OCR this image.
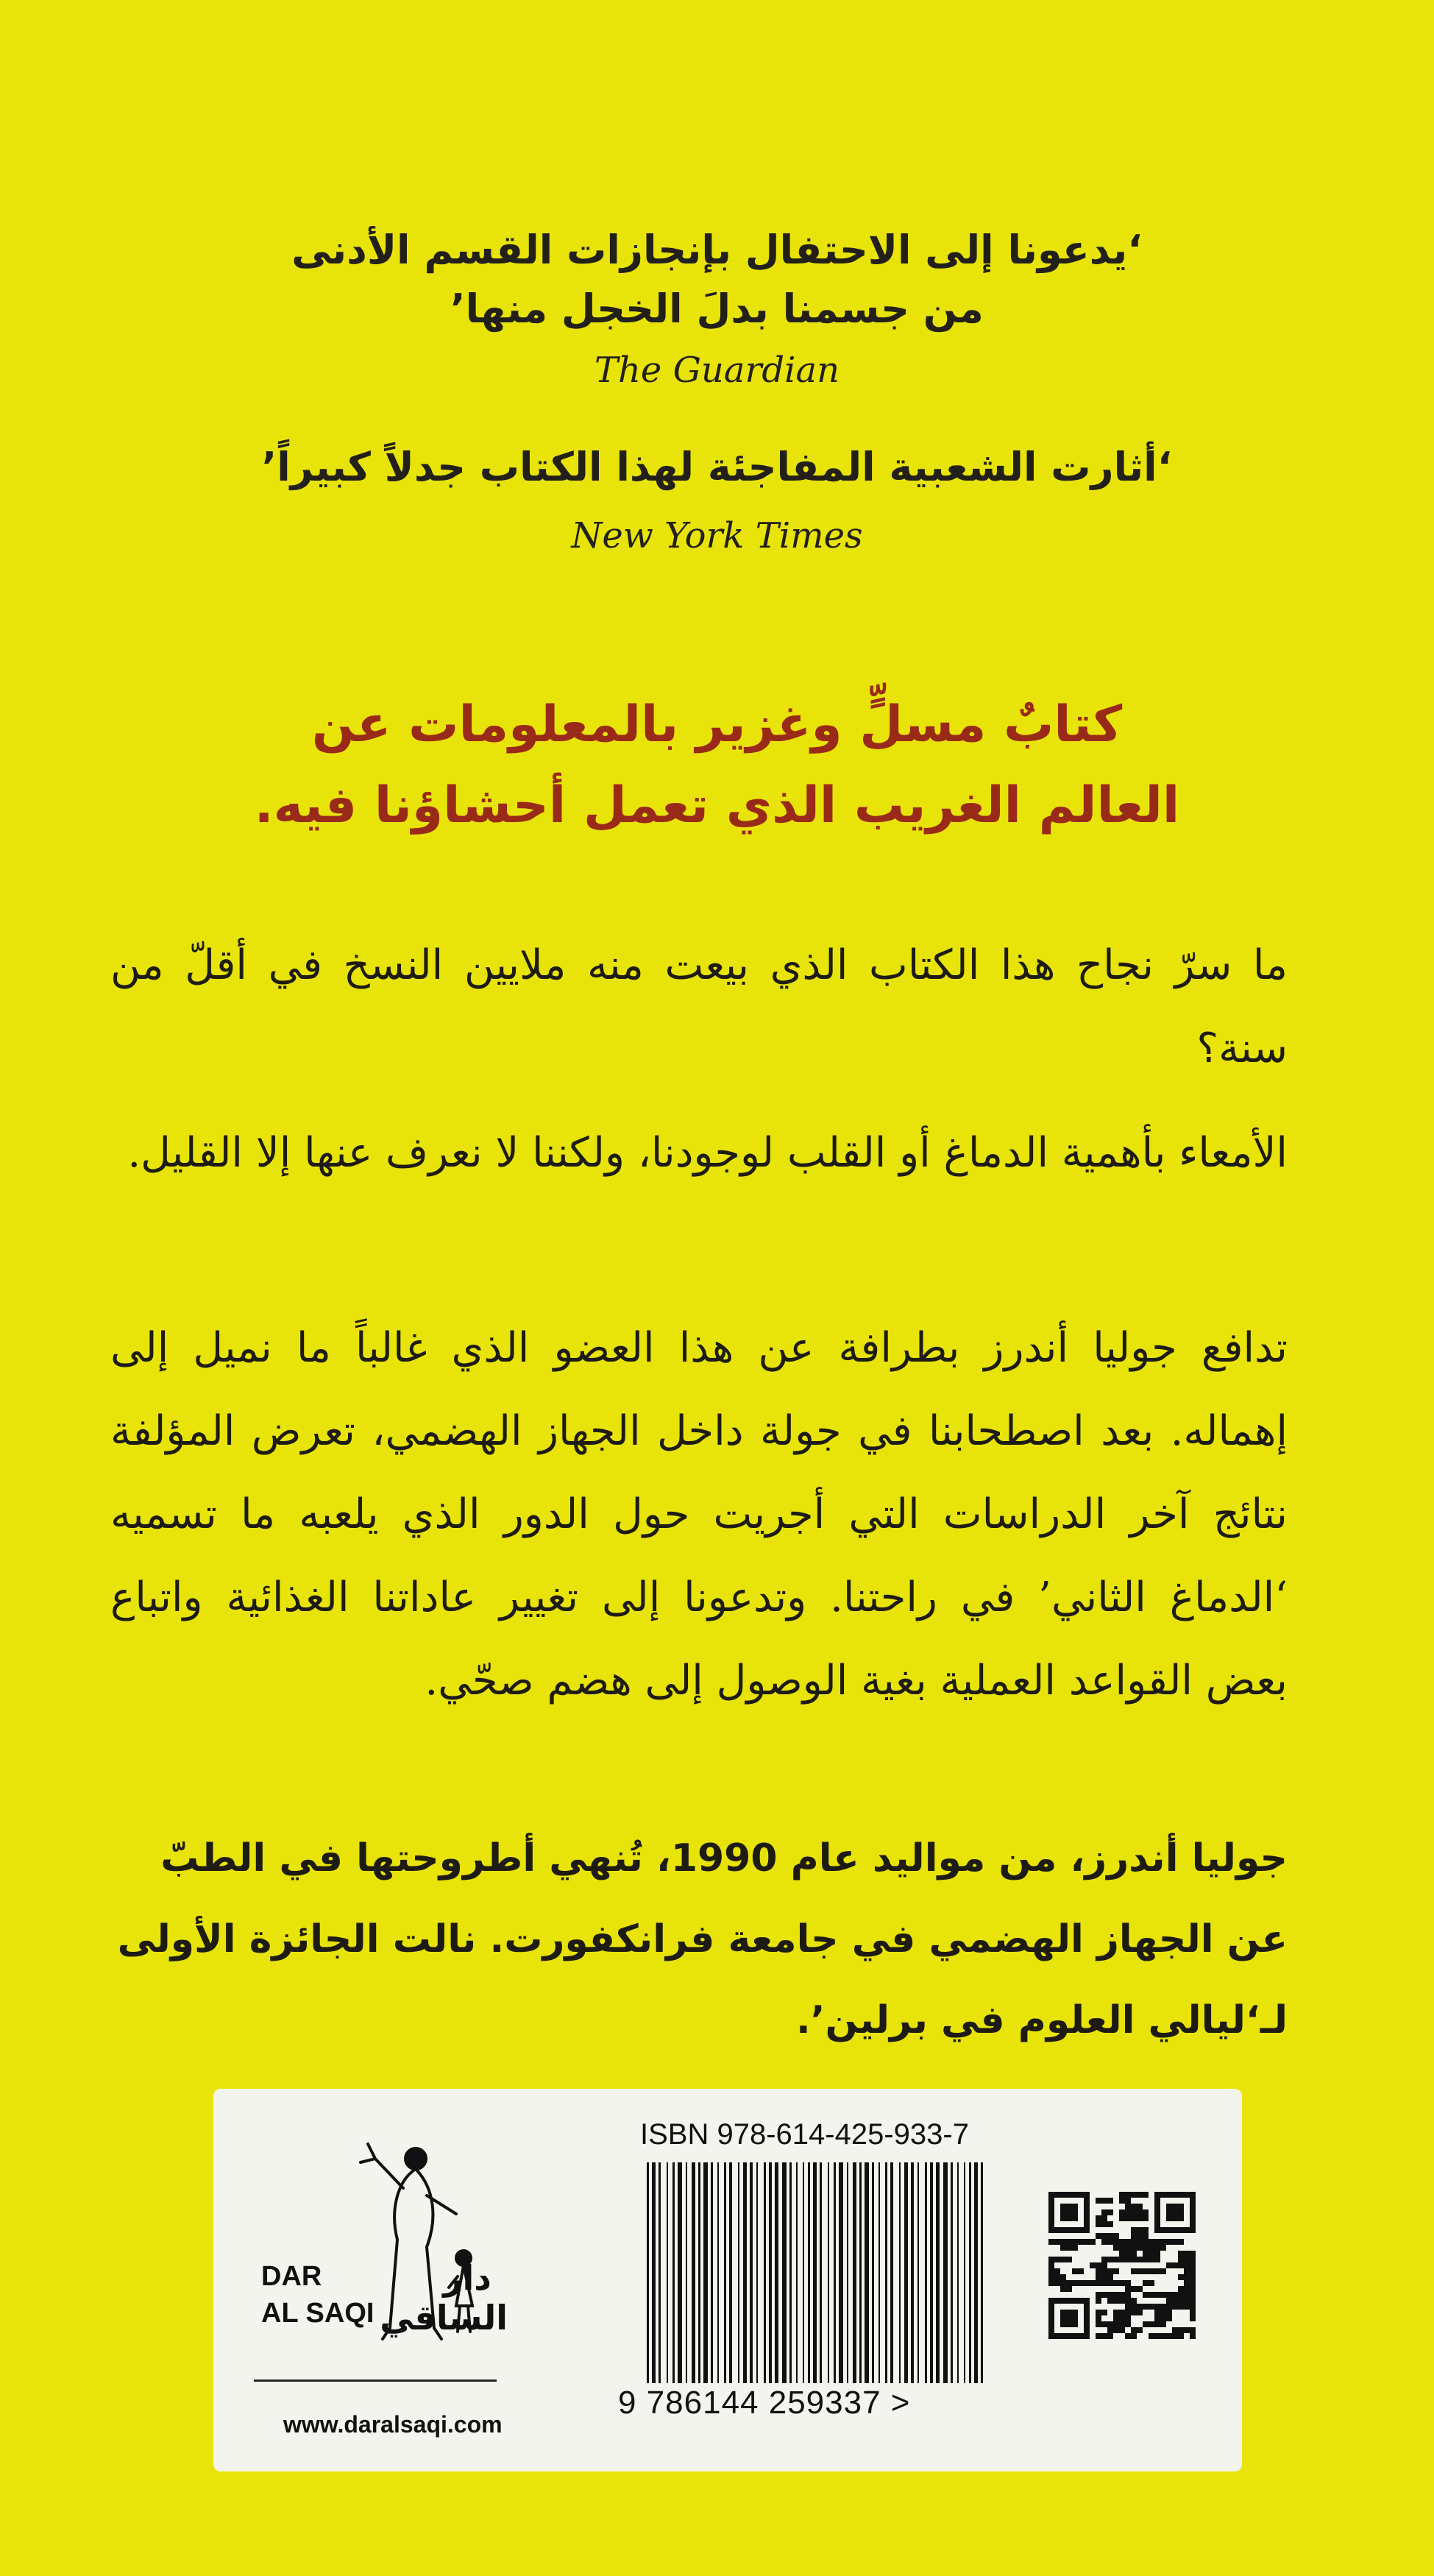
‘يدعونا إلى الاحتفال بإنجازات القسم الأدنى
من جسمنا بدلَ الخجل منها’
The Guardian
‘أثارت الشعبية المفاجئة لهذا الكتاب جدلاً كبيراً’
New York Times
كتابٌ مسلٍّ وغزير بالمعلومات عن
العالم الغريب الذي تعمل أحشاؤنا فيه.
ما سرّ نجاح هذا الكتاب الذي بيعت منه ملايين النسخ في أقلّ من سنة؟
الأمعاء بأهمية الدماغ أو القلب لوجودنا، ولكننا لا نعرف عنها إلا القليل.
تدافع جوليا أندرز بطرافة عن هذا العضو الذي غالباً ما نميل إلى إهماله. بعد اصطحابنا في جولة داخل الجهاز الهضمي، تعرض المؤلفة نتائج آخر الدراسات التي أجريت حول الدور الذي يلعبه ما تسميه ‘الدماغ الثاني’ في راحتنا. وتدعونا إلى تغيير عاداتنا الغذائية واتباع بعض القواعد العملية بغية الوصول إلى هضم صحّي.
جوليا أندرز، من مواليد عام 1990، تُنهي أطروحتها في الطبّ عن الجهاز الهضمي في جامعة فرانكفورت. نالت الجائزة الأولى لـ‘ليالي العلوم في برلين’.
DAR
AL SAQI
دار الساقي
www.daralsaqi.com
ISBN 978-614-425-933-7
9 786144 259337 >
